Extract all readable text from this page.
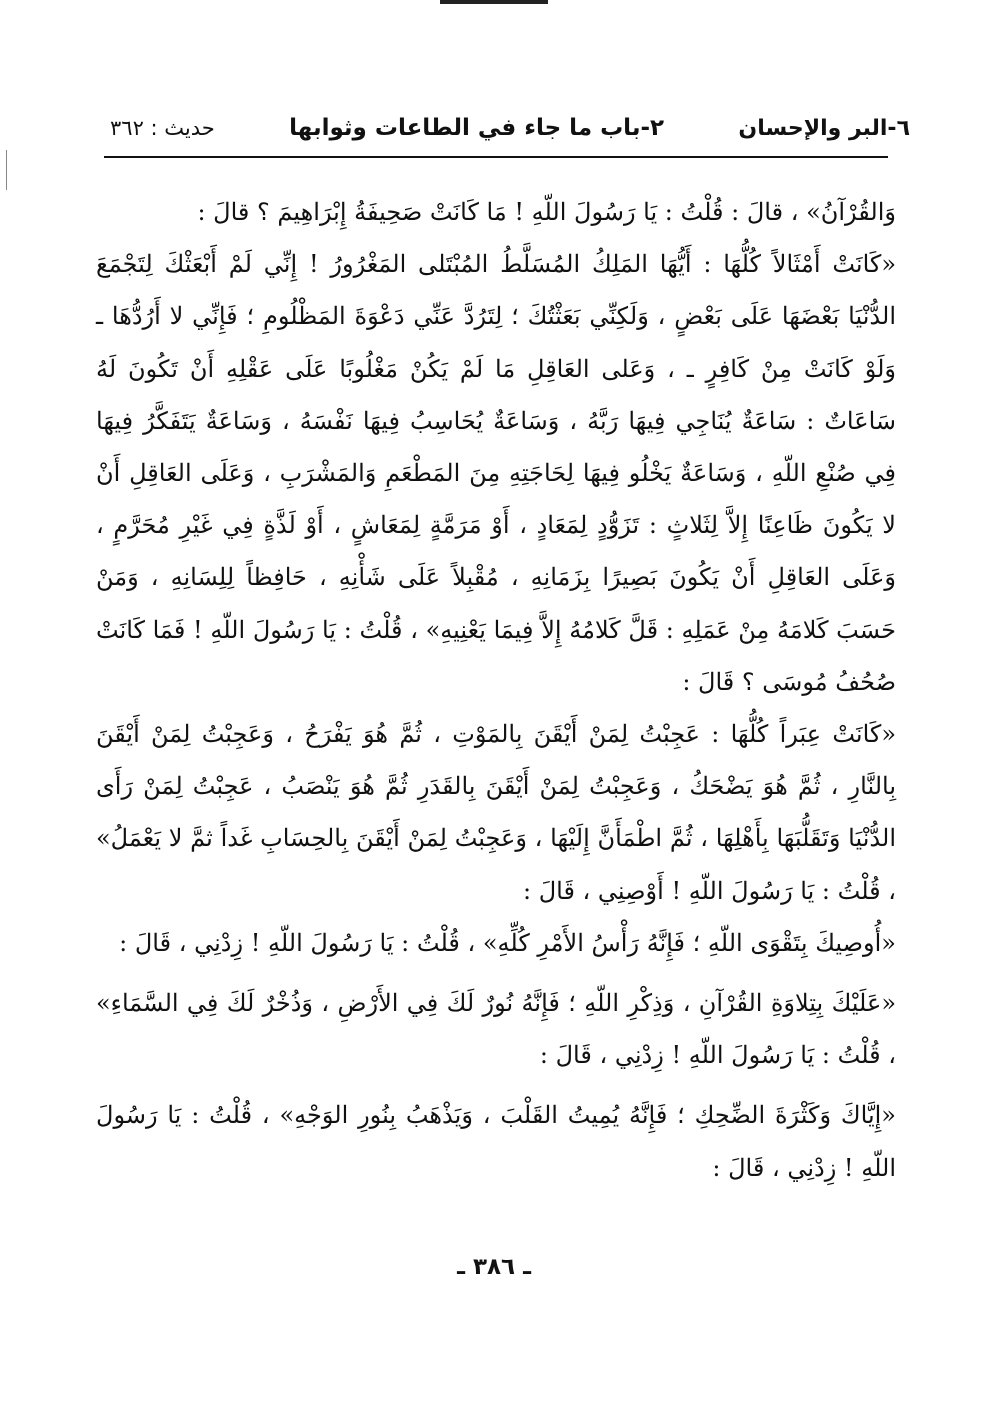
٦-البر والإحسان
٢-باب ما جاء في الطاعات وثوابها
حديث : ٣٦٢

وَالقُرْآنُ» ، قالَ : قُلْتُ : يَا رَسُولَ اللّهِ ! مَا كَانَتْ صَحِيفَةُ إِبْرَاهِيمَ ؟ قالَ :

«كَانَتْ أَمْثَالاً كُلُّهَا : أَيُّهَا المَلِكُ المُسَلَّطُ المُبْتَلى المَغْرُورُ ! إِنِّي لَمْ أَبْعَثْكَ لِتَجْمَعَ الدُّنْيَا بَعْضَهَا عَلَى بَعْضٍ ، وَلَكِنِّي بَعَثْتُكَ ؛ لِتَرُدَّ عَنِّي دَعْوَةَ المَظْلُومِ ؛ فَإِنِّي لا أَرُدُّهَا ـ وَلَوْ كَانَتْ مِنْ كَافِرٍ ـ ، وَعَلى العَاقِلِ مَا لَمْ يَكُنْ مَغْلُوبًا عَلَى عَقْلِهِ أَنْ تَكُونَ لَهُ سَاعَاتٌ : سَاعَةٌ يُنَاجِي فِيهَا رَبَّهُ ، وَسَاعَةٌ يُحَاسِبُ فِيهَا نَفْسَهُ ، وَسَاعَةٌ يَتَفَكَّرُ فِيهَا فِي صُنْعِ اللّهِ ، وَسَاعَةٌ يَخْلُو فِيهَا لِحَاجَتِهِ مِنَ المَطْعَمِ وَالمَشْرَبِ ، وَعَلَى العَاقِلِ أَنْ لا يَكُونَ ظَاعِنًا إِلاَّ لِثَلاثٍ : تَزَوُّدٍ لِمَعَادٍ ، أَوْ مَرَمَّةٍ لِمَعَاشٍ ، أَوْ لَذَّةٍ فِي غَيْرِ مُحَرَّمٍ ، وَعَلَى العَاقِلِ أَنْ يَكُونَ بَصِيرًا بِزَمَانِهِ ، مُقْبِلاً عَلَى شَأْنِهِ ، حَافِظاً لِلِسَانِهِ ، وَمَنْ حَسَبَ كَلامَهُ مِنْ عَمَلِهِ : قَلَّ كَلامُهُ إِلاَّ فِيمَا يَعْنِيهِ» ، قُلْتُ : يَا رَسُولَ اللّهِ ! فَمَا كَانَتْ صُحُفُ مُوسَى ؟ قَالَ :

«كَانَتْ عِبَراً كُلُّهَا : عَجِبْتُ لِمَنْ أَيْقَنَ بِالمَوْتِ ، ثُمَّ هُوَ يَفْرَحُ ، وَعَجِبْتُ لِمَنْ أَيْقَنَ بِالنَّارِ ، ثُمَّ هُوَ يَضْحَكُ ، وَعَجِبْتُ لِمَنْ أَيْقَنَ بِالقَدَرِ ثُمَّ هُوَ يَنْصَبُ ، عَجِبْتُ لِمَنْ رَأَى الدُّنْيَا وَتَقَلُّبَهَا بِأَهْلِهَا ، ثُمَّ اطْمَأَنَّ إِلَيْهَا ، وَعَجِبْتُ لِمَنْ أَيْقَنَ بِالحِسَابِ غَداً ثمَّ لا يَعْمَلُ» ، قُلْتُ : يَا رَسُولَ اللّهِ ! أَوْصِنِي ، قَالَ :

«أُوصِيكَ بِتَقْوَى اللّهِ ؛ فَإِنَّهُ رَأْسُ الأَمْرِ كُلِّهِ» ، قُلْتُ : يَا رَسُولَ اللّهِ ! زِدْنِي ، قَالَ :

«عَلَيْكَ بِتِلاوَةِ القُرْآنِ ، وَذِكْرِ اللّهِ ؛ فَإِنَّهُ نُورٌ لَكَ فِي الأَرْضِ ، وَذُخْرٌ لَكَ فِي السَّمَاءِ» ، قُلْتُ : يَا رَسُولَ اللّهِ ! زِدْنِي ، قَالَ :

«إِيَّاكَ وَكَثْرَةَ الضِّحِكِ ؛ فَإِنَّهُ يُمِيتُ القَلْبَ ، وَيَذْهَبُ بِنُورِ الوَجْهِ» ، قُلْتُ : يَا رَسُولَ اللّهِ ! زِدْنِي ، قَالَ :

ـ ٣٨٦ ـ
